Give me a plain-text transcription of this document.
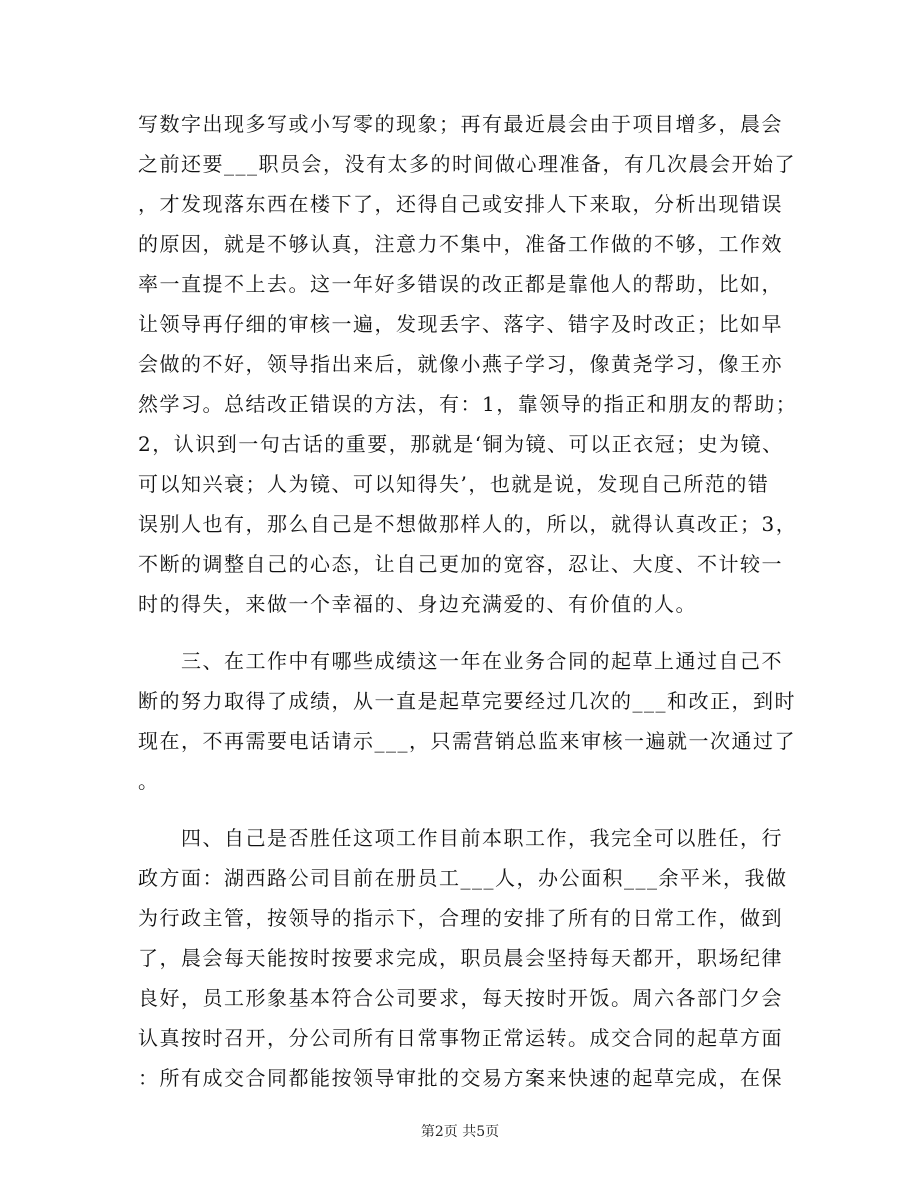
写数字出现多写或小写零的现象；再有最近晨会由于项目增多，晨会
之前还要___职员会，没有太多的时间做心理准备，有几次晨会开始了
，才发现落东西在楼下了，还得自己或安排人下来取，分析出现错误
的原因，就是不够认真，注意力不集中，准备工作做的不够，工作效
率一直提不上去。这一年好多错误的改正都是靠他人的帮助，比如，
让领导再仔细的审核一遍，发现丢字、落字、错字及时改正；比如早
会做的不好，领导指出来后，就像小燕子学习，像黄尧学习，像王亦
然学习。总结改正错误的方法，有：1，靠领导的指正和朋友的帮助；
2，认识到一句古话的重要，那就是‘铜为镜、可以正衣冠；史为镜、
可以知兴衰；人为镜、可以知得失’，也就是说，发现自己所范的错
误别人也有，那么自己是不想做那样人的，所以，就得认真改正；3，
不断的调整自己的心态，让自己更加的宽容，忍让、大度、不计较一
时的得失，来做一个幸福的、身边充满爱的、有价值的人。
　　三、在工作中有哪些成绩这一年在业务合同的起草上通过自己不
断的努力取得了成绩，从一直是起草完要经过几次的___和改正，到时
现在，不再需要电话请示___，只需营销总监来审核一遍就一次通过了
。
　　四、自己是否胜任这项工作目前本职工作，我完全可以胜任，行
政方面：湖西路公司目前在册员工___人，办公面积___余平米，我做
为行政主管，按领导的指示下，合理的安排了所有的日常工作，做到
了，晨会每天能按时按要求完成，职员晨会坚持每天都开，职场纪律
良好，员工形象基本符合公司要求，每天按时开饭。周六各部门夕会
认真按时召开，分公司所有日常事物正常运转。成交合同的起草方面
：所有成交合同都能按领导审批的交易方案来快速的起草完成，在保
第2页 共5页
